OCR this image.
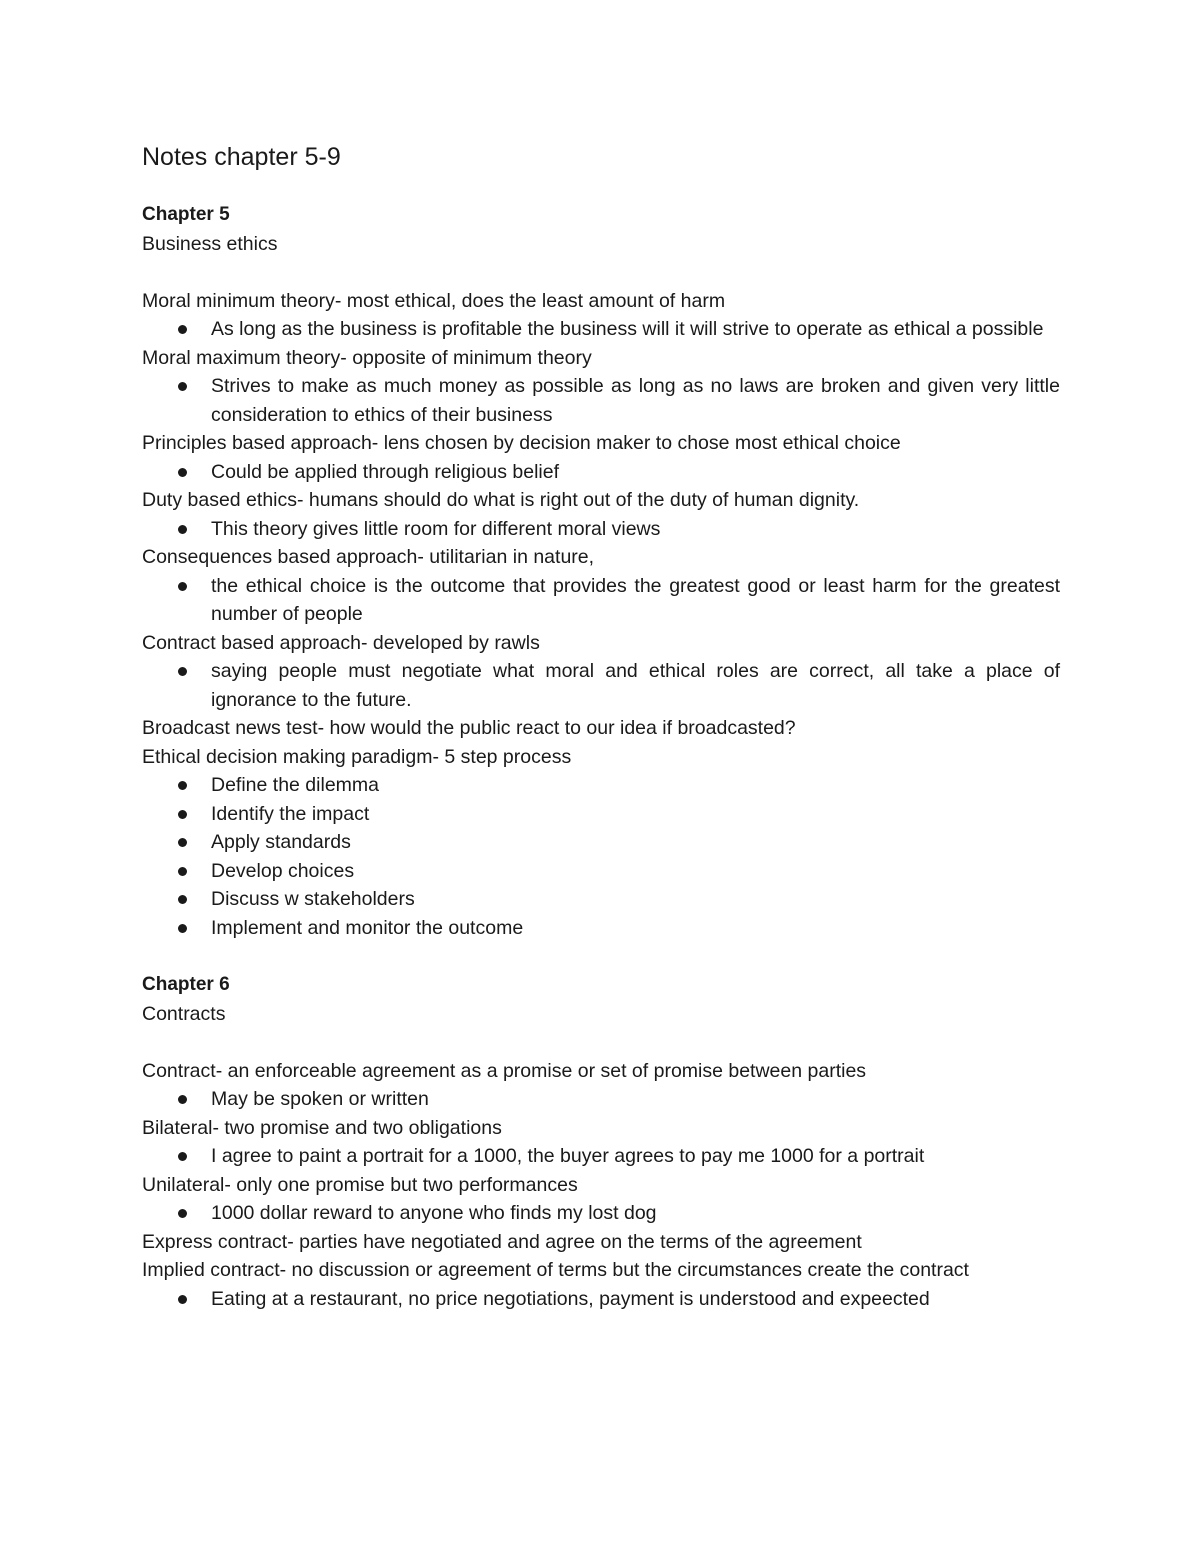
Notes chapter 5-9
Chapter 5
Business ethics
Moral minimum theory- most ethical, does the least amount of harm
As long as the business is profitable the business will it will strive to operate as ethical a possible
Moral maximum theory- opposite of minimum theory
Strives to make as much money as possible as long as no laws are broken and given very little consideration to ethics of their business
Principles based approach- lens chosen by decision maker to chose most ethical choice
Could be applied through religious belief
Duty based ethics- humans should do what is right out of the duty of human dignity.
This theory gives little room for different moral views
Consequences based approach- utilitarian in nature,
the ethical choice is the outcome that provides the greatest good or least harm for the greatest number of people
Contract based approach- developed by rawls
saying people must negotiate what moral and ethical roles are correct, all take a place of ignorance to the future.
Broadcast news test- how would the public react to our idea if broadcasted?
Ethical decision making paradigm- 5 step process
Define the dilemma
Identify the impact
Apply standards
Develop choices
Discuss w stakeholders
Implement and monitor the outcome
Chapter 6
Contracts
Contract- an enforceable agreement as a promise or set of promise between parties
May be spoken or written
Bilateral- two promise and two obligations
I agree to paint a portrait for a 1000, the buyer agrees to pay me 1000 for a portrait
Unilateral- only one promise but two performances
1000 dollar reward to anyone who finds my lost dog
Express contract- parties have negotiated and agree on the terms of the agreement
Implied contract- no discussion or agreement of terms but the circumstances create the contract
Eating at a restaurant, no price negotiations, payment is understood and expeected
